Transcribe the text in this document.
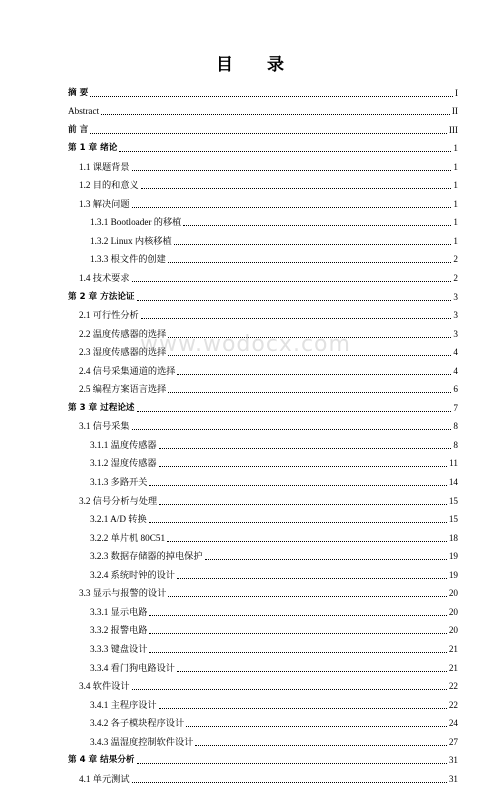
目 录
摘 要	I
Abstract	II
前 言	III
第 1 章 绪论	1
1.1 课题背景	1
1.2 目的和意义	1
1.3 解决问题	1
1.3.1 Bootloader 的移植	1
1.3.2 Linux 内核移植	1
1.3.3 根文件的创建	2
1.4 技术要求	2
第 2 章 方法论证	3
2.1 可行性分析	3
2.2 温度传感器的选择	3
2.3 湿度传感器的选择	4
2.4 信号采集通道的选择	4
2.5 编程方案语言选择	6
第 3 章 过程论述	7
3.1 信号采集	8
3.1.1 温度传感器	8
3.1.2 湿度传感器	11
3.1.3 多路开关	14
3.2 信号分析与处理	15
3.2.1 A/D 转换	15
3.2.2 单片机 80C51	18
3.2.3 数据存储器的掉电保护	19
3.2.4 系统时钟的设计	19
3.3 显示与报警的设计	20
3.3.1 显示电路	20
3.3.2 报警电路	20
3.3.3 键盘设计	21
3.3.4 看门狗电路设计	21
3.4 软件设计	22
3.4.1 主程序设计	22
3.4.2 各子模块程序设计	24
3.4.3 温湿度控制软件设计	27
第 4 章 结果分析	31
4.1 单元测试	31
www.wodocx.com
